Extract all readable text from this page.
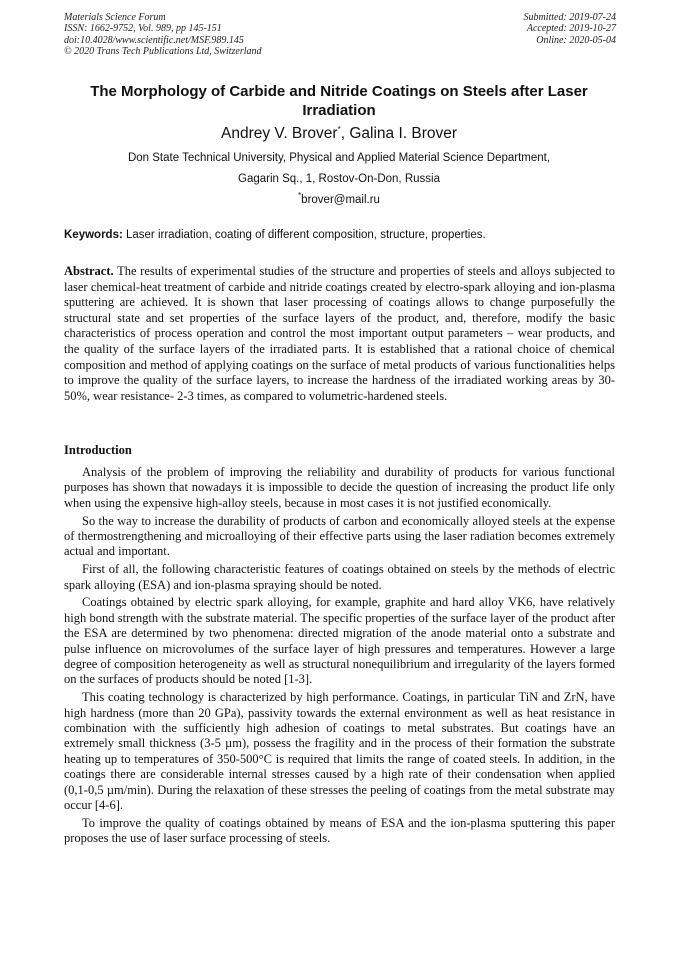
Materials Science Forum
ISSN: 1662-9752, Vol. 989, pp 145-151
doi:10.4028/www.scientific.net/MSF.989.145
© 2020 Trans Tech Publications Ltd, Switzerland
Submitted: 2019-07-24
Accepted: 2019-10-27
Online: 2020-05-04
The Morphology of Carbide and Nitride Coatings on Steels after Laser Irradiation
Andrey V. Brover*, Galina I. Brover
Don State Technical University, Physical and Applied Material Science Department,
Gagarin Sq., 1, Rostov-On-Don, Russia
*brover@mail.ru
Keywords: Laser irradiation, coating of different composition, structure, properties.
Abstract. The results of experimental studies of the structure and properties of steels and alloys subjected to laser chemical-heat treatment of carbide and nitride coatings created by electro-spark alloying and ion-plasma sputtering are achieved. It is shown that laser processing of coatings allows to change purposefully the structural state and set properties of the surface layers of the product, and, therefore, modify the basic characteristics of process operation and control the most important output parameters – wear products, and the quality of the surface layers of the irradiated parts. It is established that a rational choice of chemical composition and method of applying coatings on the surface of metal products of various functionalities helps to improve the quality of the surface layers, to increase the hardness of the irradiated working areas by 30-50%, wear resistance- 2-3 times, as compared to volumetric-hardened steels.
Introduction

Analysis of the problem of improving the reliability and durability of products for various functional purposes has shown that nowadays it is impossible to decide the question of increasing the product life only when using the expensive high-alloy steels, because in most cases it is not justified economically.

So the way to increase the durability of products of carbon and economically alloyed steels at the expense of thermostrengthening and microalloying of their effective parts using the laser radiation becomes extremely actual and important.

First of all, the following characteristic features of coatings obtained on steels by the methods of electric spark alloying (ESA) and ion-plasma spraying should be noted.

Coatings obtained by electric spark alloying, for example, graphite and hard alloy VK6, have relatively high bond strength with the substrate material. The specific properties of the surface layer of the product after the ESA are determined by two phenomena: directed migration of the anode material onto a substrate and pulse influence on microvolumes of the surface layer of high pressures and temperatures. However a large degree of composition heterogeneity as well as structural nonequilibrium and irregularity of the layers formed on the surfaces of products should be noted [1-3].

This coating technology is characterized by high performance. Coatings, in particular TiN and ZrN, have high hardness (more than 20 GPa), passivity towards the external environment as well as heat resistance in combination with the sufficiently high adhesion of coatings to metal substrates. But coatings have an extremely small thickness (3-5 µm), possess the fragility and in the process of their formation the substrate heating up to temperatures of 350-500°C is required that limits the range of coated steels. In addition, in the coatings there are considerable internal stresses caused by a high rate of their condensation when applied (0,1-0,5 µm/min). During the relaxation of these stresses the peeling of coatings from the metal substrate may occur [4-6].

To improve the quality of coatings obtained by means of ESA and the ion-plasma sputtering this paper proposes the use of laser surface processing of steels.
